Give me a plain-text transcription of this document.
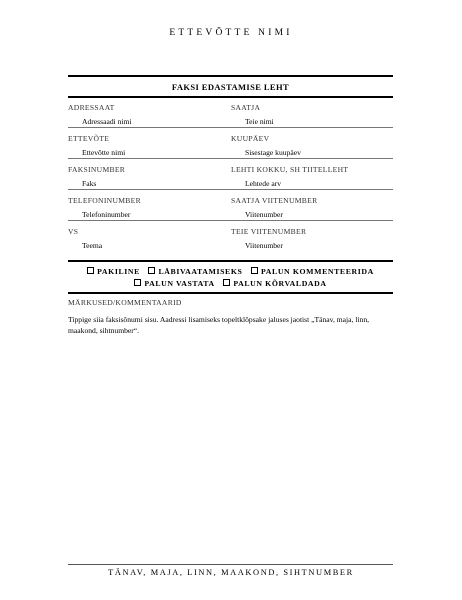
ETTEVÕTTE NIMI
FAKSI EDASTAMISE LEHT
ADRESSAAT
Adressaadi nimi
SAATJA
Teie nimi
ETTEVÕTE
Ettevõtte nimi
KUUPÄEV
Sisestage kuupäev
FAKSINUMBER
Faks
LEHTI KOKKU, SH TIITELLEHT
Lehtede arv
TELEFONINUMBER
Telefoninumber
SAATJA VIITENUMBER
Viitenumber
VS
Teema
TEIE VIITENUMBER
Viitenumber
PAKILINE LÄBIVAATAMISEKS PALUN KOMMENTEERIDA
PALUN VASTATA PALUN KÕRVALDADA
MÄRKUSED/KOMMENTAARID
Tippige siia faksisõnumi sisu. Aadressi lisamiseks topeltklõpsake jaluses jaotist „Tänav, maja, linn, maakond, sihtnumber“.
TÄNAV, MAJA, LINN, MAAKOND, SIHTNUMBER
